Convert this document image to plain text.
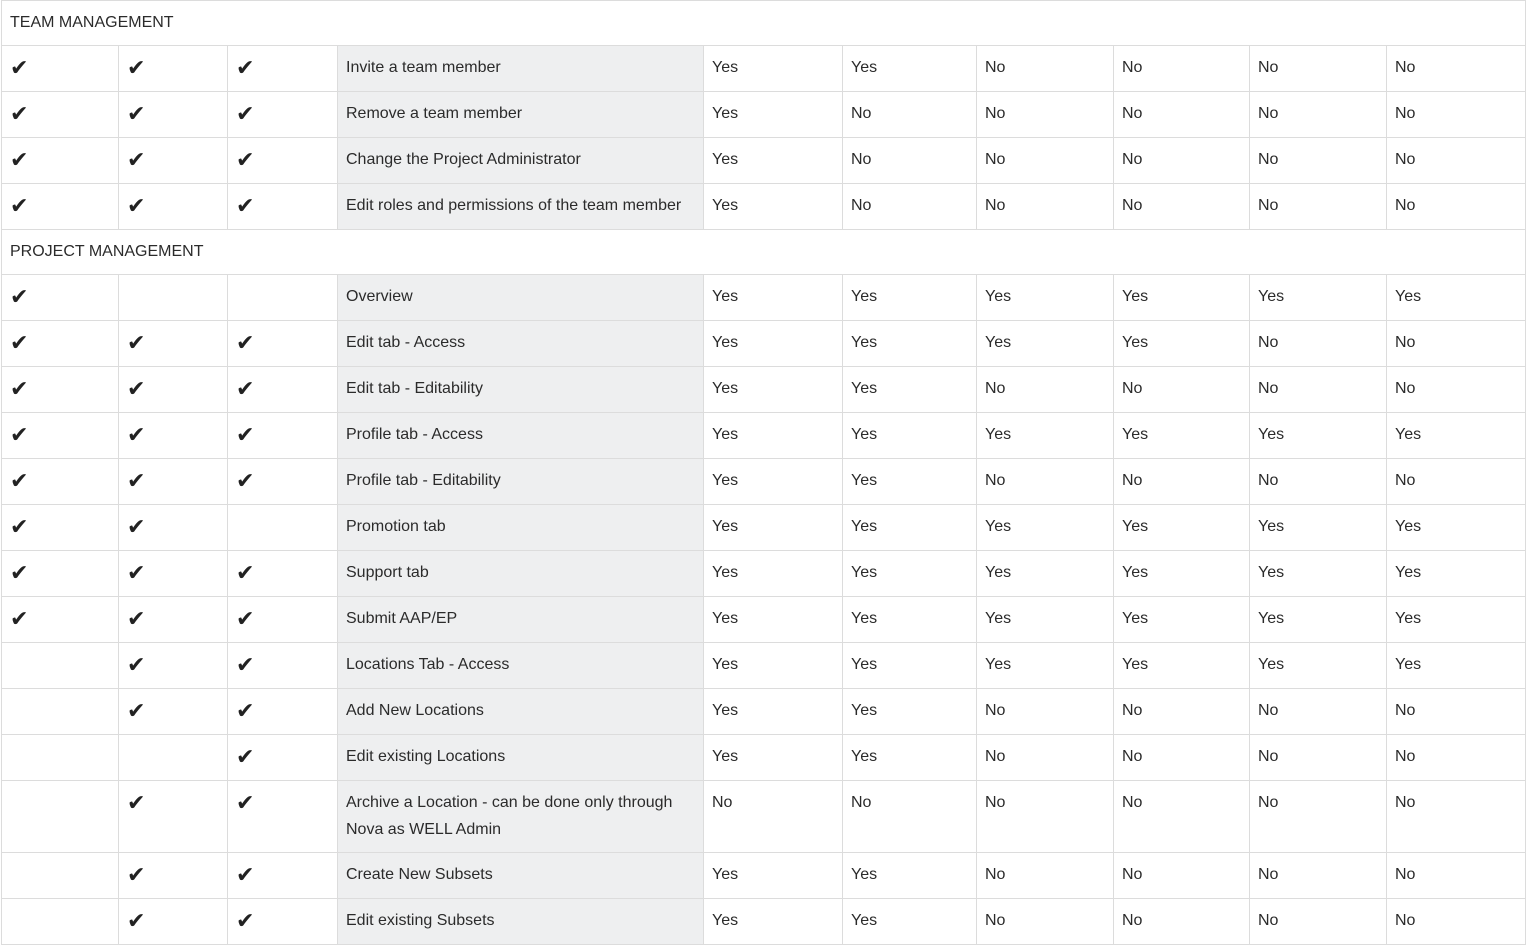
TEAM MANAGEMENT									
✔	✔	✔	Invite a team member	Yes	Yes	No	No	No	No
✔	✔	✔	Remove a team member	Yes	No	No	No	No	No
✔	✔	✔	Change the Project Administrator	Yes	No	No	No	No	No
✔	✔	✔	Edit roles and permissions of the team member	Yes	No	No	No	No	No
PROJECT MANAGEMENT									
✔			Overview	Yes	Yes	Yes	Yes	Yes	Yes
✔	✔	✔	Edit tab - Access	Yes	Yes	Yes	Yes	No	No
✔	✔	✔	Edit tab - Editability	Yes	Yes	No	No	No	No
✔	✔	✔	Profile tab - Access	Yes	Yes	Yes	Yes	Yes	Yes
✔	✔	✔	Profile tab - Editability	Yes	Yes	No	No	No	No
✔	✔		Promotion tab	Yes	Yes	Yes	Yes	Yes	Yes
✔	✔	✔	Support tab	Yes	Yes	Yes	Yes	Yes	Yes
✔	✔	✔	Submit AAP/EP	Yes	Yes	Yes	Yes	Yes	Yes
	✔	✔	Locations Tab - Access	Yes	Yes	Yes	Yes	Yes	Yes
	✔	✔	Add New Locations	Yes	Yes	No	No	No	No
		✔	Edit existing Locations	Yes	Yes	No	No	No	No
	✔	✔	Archive a Location - can be done only through Nova as WELL Admin	No	No	No	No	No	No
	✔	✔	Create New Subsets	Yes	Yes	No	No	No	No
	✔	✔	Edit existing Subsets	Yes	Yes	No	No	No	No
